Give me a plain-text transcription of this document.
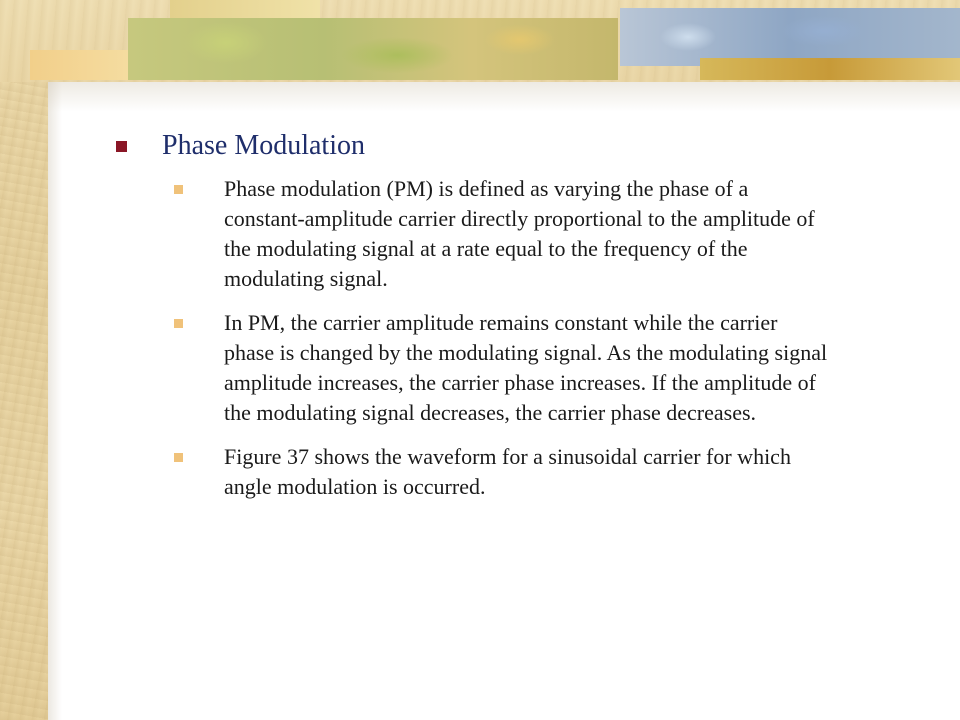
Phase Modulation
Phase modulation (PM) is defined as varying the phase of a constant-amplitude carrier directly proportional to the amplitude of the modulating signal at a rate equal to the frequency of the modulating signal.
In PM, the carrier amplitude remains constant while the carrier phase is changed by the modulating signal. As the modulating signal amplitude increases, the carrier phase increases. If the amplitude of the modulating signal decreases, the carrier phase decreases.
Figure 37 shows the waveform for a sinusoidal carrier for which angle modulation is occurred.
